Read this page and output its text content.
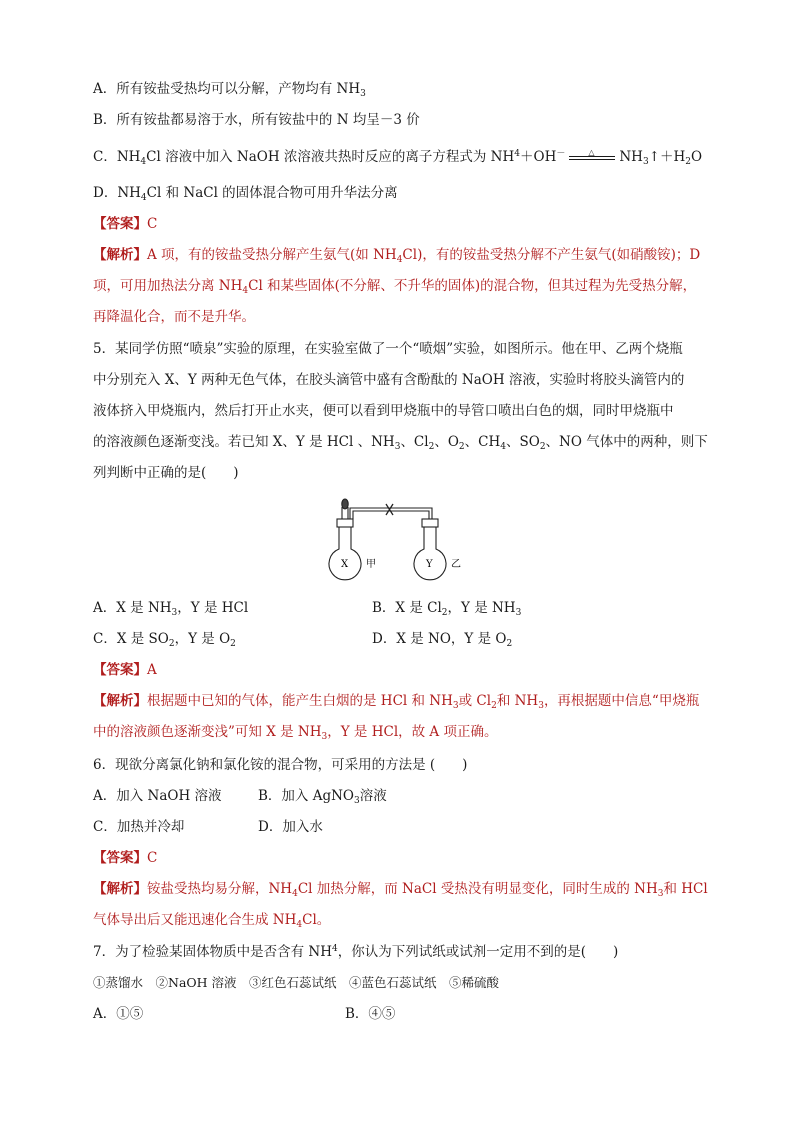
A．所有铵盐受热均可以分解，产物均有 $NH_3$
B．所有铵盐都易溶于水，所有铵盐中的 N 均呈－3 价
C．$NH_4Cl$ 溶液中加入 NaOH 浓溶液共热时反应的离子方程式为 $NH^4+OH^-$	△ $NH_3↑+H_2O$
D．$NH_4Cl$ 和 NaCl 的固体混合物可用升华法分离
【答案】C
【解析】A 项，有的铵盐受热分解产生氨气(如 $NH_4Cl$)，有的铵盐受热分解不产生氨气(如硝酸铵)；D
项，可用加热法分离 $NH_4Cl$ 和某些固体(不分解、不升华的固体)的混合物，但其过程为先受热分解，
再降温化合，而不是升华。
5．某同学仿照“喷泉”实验的原理，在实验室做了一个“喷烟”实验，如图所示。他在甲、乙两个烧瓶
中分别充入 X、Y 两种无色气体，在胶头滴管中盛有含酚酞的 NaOH 溶液，实验时将胶头滴管内的
液体挤入甲烧瓶内，然后打开止水夹，便可以看到甲烧瓶中的导管口喷出白色的烟，同时甲烧瓶中
的溶液颜色逐渐变浅。若已知 X、Y 是 HCl 、$NH_3$、$Cl_2$、$O_2$、$CH_4$、$SO_2$、NO 气体中的两种，则下
列判断中正确的是(　　)
X 甲	Y 乙
A．X 是 $NH_3$，Y 是 HCl	B．X 是 $Cl_2$，Y 是 $NH_3$
C．X 是 $SO_2$，Y 是 $O_2$	D．X 是 NO，Y 是 $O_2$
【答案】A
【解析】根据题中已知的气体，能产生白烟的是 HCl 和 $NH_3$或 $Cl_2$和 $NH_3$，再根据题中信息“甲烧瓶
中的溶液颜色逐渐变浅”可知 X 是 $NH_3$，Y 是 HCl，故 A 项正确。
6．现欲分离氯化钠和氯化铵的混合物，可采用的方法是 (　　)
A．加入 NaOH 溶液	B．加入 AgNO$_3$溶液
C．加热并冷却	D．加入水
【答案】C
【解析】铵盐受热均易分解，$NH_4Cl$ 加热分解，而 NaCl 受热没有明显变化，同时生成的 $NH_3$和 HCl
气体导出后又能迅速化合生成 $NH_4Cl$。
7．为了检验某固体物质中是否含有 $NH^4$，你认为下列试纸或试剂一定用不到的是(　　)
①蒸馏水　②NaOH 溶液　③红色石蕊试纸　④蓝色石蕊试纸　⑤稀硫酸
A．①⑤	B．④⑤
